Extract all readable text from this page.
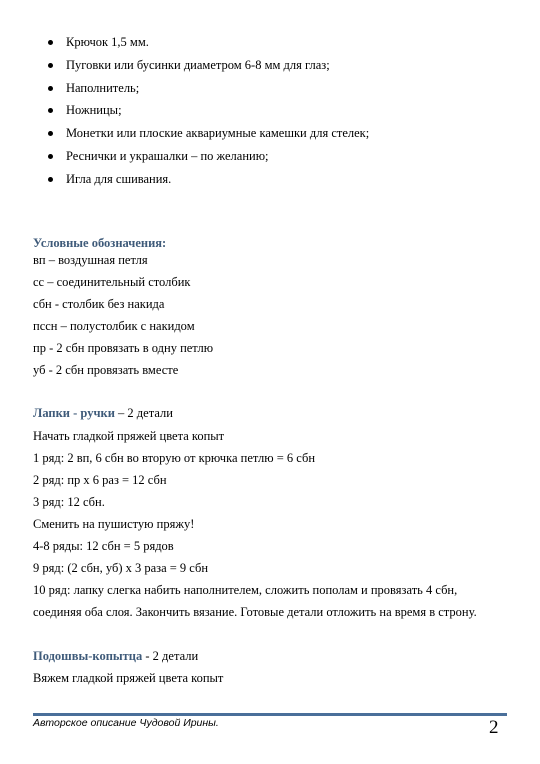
Крючок 1,5 мм.
Пуговки или бусинки диаметром 6-8 мм для глаз;
Наполнитель;
Ножницы;
Монетки или плоские аквариумные камешки для стелек;
Реснички и украшалки – по желанию;
Игла для сшивания.
Условные обозначения:
вп – воздушная петля
сс – соединительный столбик
сбн - столбик без накида
пссн – полустолбик с накидом
пр - 2 сбн провязать в одну петлю
уб - 2 сбн провязать вместе
Лапки - ручки – 2 детали
Начать гладкой пряжей цвета копыт
1 ряд: 2 вп, 6 сбн во вторую от крючка петлю = 6 сбн
2 ряд: пр х 6 раз = 12 сбн
3 ряд: 12 сбн.
Сменить на пушистую пряжу!
4-8 ряды: 12 сбн = 5 рядов
9 ряд: (2 сбн, уб) х 3 раза = 9 сбн
10 ряд: лапку слегка набить наполнителем, сложить пополам и провязать 4 сбн,
соединяя оба слоя. Закончить вязание. Готовые детали отложить на время в строну.
Подошвы-копытца - 2 детали
Вяжем гладкой пряжей цвета копыт
Авторское описание Чудовой Ирины.	2
